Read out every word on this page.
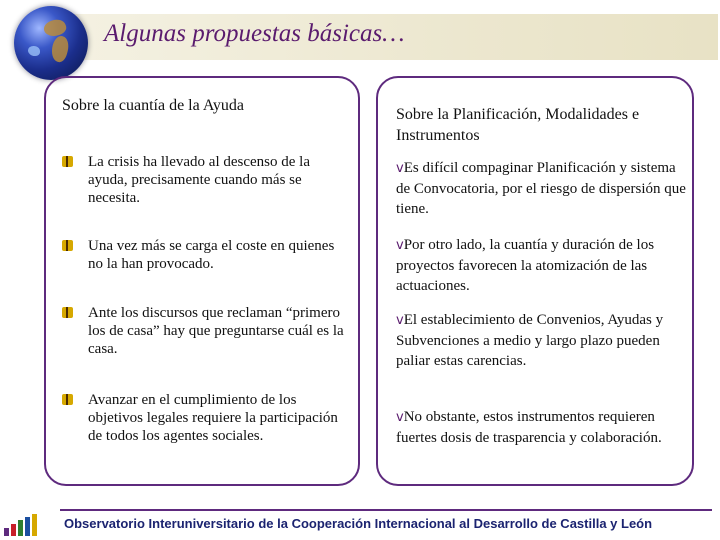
Algunas propuestas básicas…
Sobre la cuantía de la Ayuda
La crisis ha llevado al descenso de la ayuda, precisamente cuando más se necesita.
Una vez más se carga el coste en quienes no la han provocado.
Ante los discursos que reclaman “primero los de casa” hay que preguntarse cuál es la casa.
Avanzar en el cumplimiento de los objetivos legales requiere la participación de todos los agentes sociales.
Sobre la Planificación, Modalidades e Instrumentos
vEs difícil compaginar Planificación y sistema de Convocatoria, por el riesgo de dispersión que tiene.
vPor otro lado, la cuantía y duración de los proyectos favorecen la atomización de las actuaciones.
vEl establecimiento de Convenios, Ayudas y Subvenciones a medio y largo plazo pueden paliar estas carencias.
vNo obstante, estos instrumentos requieren fuertes dosis de trasparencia y colaboración.
Observatorio Interuniversitario de la Cooperación Internacional al Desarrollo de Castilla y León
